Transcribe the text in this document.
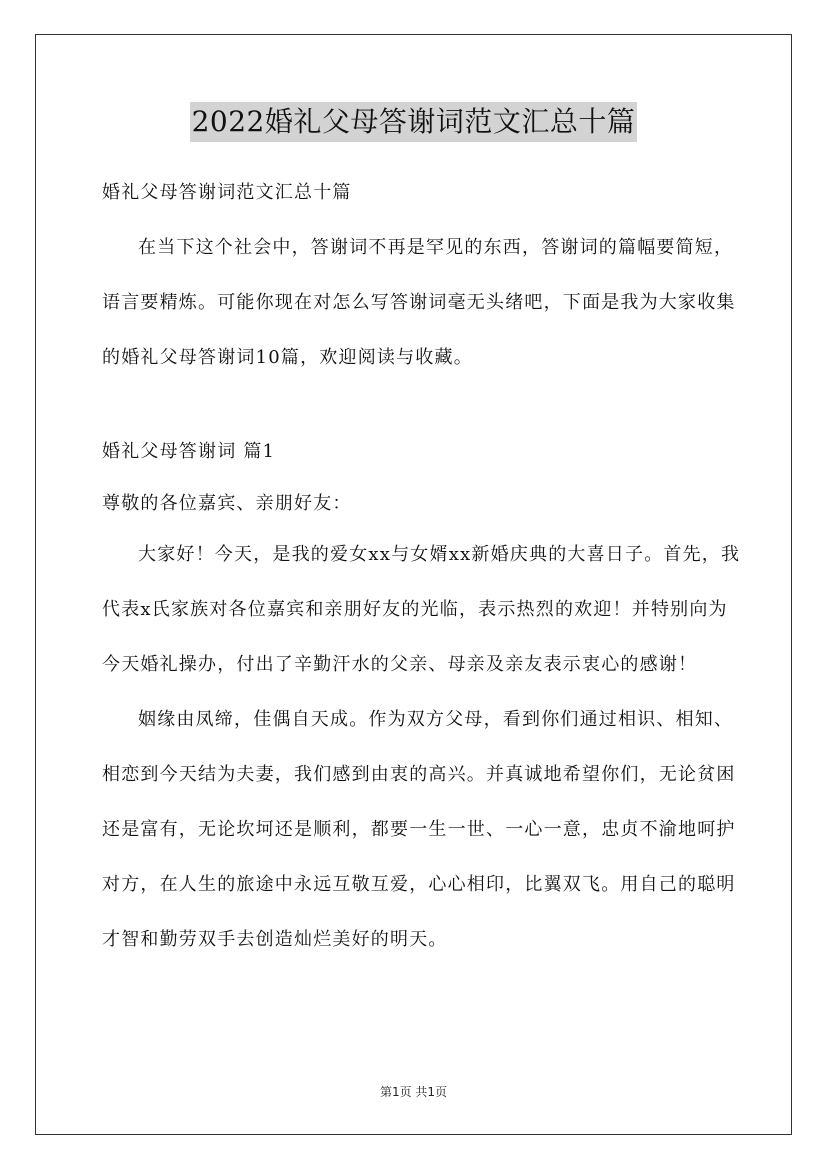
2022婚礼父母答谢词范文汇总十篇
婚礼父母答谢词范文汇总十篇
在当下这个社会中，答谢词不再是罕见的东西，答谢词的篇幅要简短，语言要精炼。可能你现在对怎么写答谢词毫无头绪吧，下面是我为大家收集的婚礼父母答谢词10篇，欢迎阅读与收藏。
婚礼父母答谢词 篇1
尊敬的各位嘉宾、亲朋好友：
大家好！今天，是我的爱女xx与女婿xx新婚庆典的大喜日子。首先，我代表x氏家族对各位嘉宾和亲朋好友的光临，表示热烈的欢迎！并特别向为今天婚礼操办，付出了辛勤汗水的父亲、母亲及亲友表示衷心的感谢！
姻缘由凤缔，佳偶自天成。作为双方父母，看到你们通过相识、相知、相恋到今天结为夫妻，我们感到由衷的高兴。并真诚地希望你们，无论贫困还是富有，无论坎坷还是顺利，都要一生一世、一心一意，忠贞不渝地呵护对方，在人生的旅途中永远互敬互爱，心心相印，比翼双飞。用自己的聪明才智和勤劳双手去创造灿烂美好的明天。
第1页 共1页
